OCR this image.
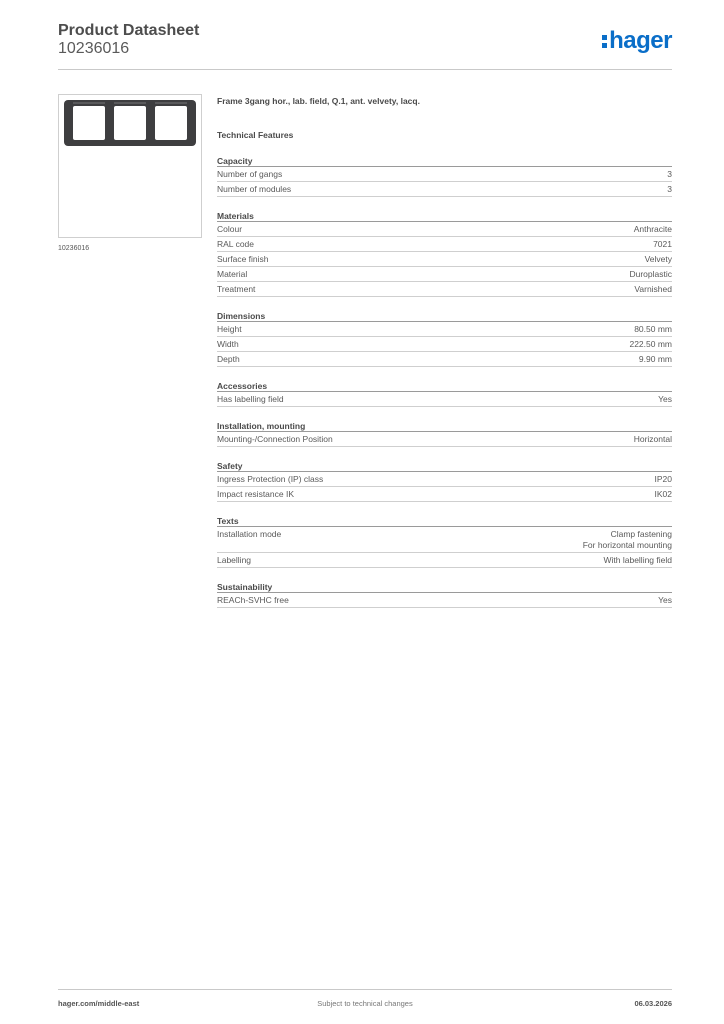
Product Datasheet
10236016	hager
10236016
Frame 3gang hor., lab. field, Q.1, ant. velvety, lacq.
Technical Features
Capacity
Number of gangs	3
Number of modules	3
Materials
Colour	Anthracite
RAL code	7021
Surface finish	Velvety
Material	Duroplastic
Treatment	Varnished
Dimensions
Height	80.50 mm
Width	222.50 mm
Depth	9.90 mm
Accessories
Has labelling field	Yes
Installation, mounting
Mounting-/Connection Position	Horizontal
Safety
Ingress Protection (IP) class	IP20
Impact resistance IK	IK02
Texts
Installation mode	Clamp fastening
For horizontal mounting
Labelling	With labelling field
Sustainability
REACh-SVHC free	Yes
hager.com/middle-east	Subject to technical changes	06.03.2026
